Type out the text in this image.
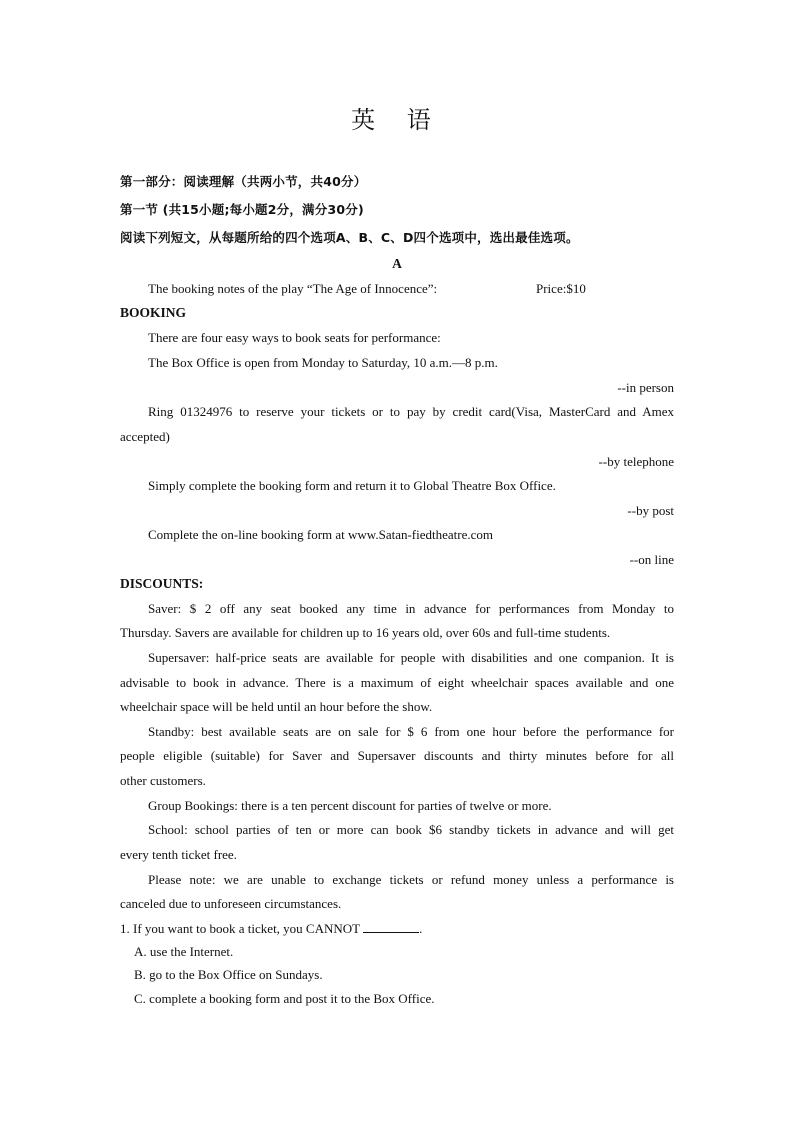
英 语
第一部分：阅读理解（共两小节，共40分）
第一节 (共15小题;每小题2分，满分30分)
阅读下列短文，从每题所给的四个选项A、B、C、D四个选项中，选出最佳选项。
A
The booking notes of the play “The Age of Innocence”:	Price:$10
BOOKING
There are four easy ways to book seats for performance:
The Box Office is open from Monday to Saturday, 10 a.m.—8 p.m.
--in person
Ring 01324976 to reserve your tickets or to pay by credit card(Visa, MasterCard and Amex
accepted)
--by telephone
Simply complete the booking form and return it to Global Theatre Box Office.
--by post
Complete the on-line booking form at www.Satan-fiedtheatre.com
--on line
DISCOUNTS:
Saver: $ 2 off any seat booked any time in advance for performances from Monday to
Thursday. Savers are available for children up to 16 years old, over 60s and full-time students.
Supersaver: half-price seats are available for people with disabilities and one companion. It is
advisable to book in advance. There is a maximum of eight wheelchair spaces available and one
wheelchair space will be held until an hour before the show.
Standby: best available seats are on sale for $ 6 from one hour before the performance for
people eligible (suitable) for Saver and Supersaver discounts and thirty minutes before for all
other customers.
Group Bookings: there is a ten percent discount for parties of twelve or more.
School: school parties of ten or more can book $6 standby tickets in advance and will get
every tenth ticket free.
Please note: we are unable to exchange tickets or refund money unless a performance is
canceled due to unforeseen circumstances.
1. If you want to book a ticket, you CANNOT	.
A. use the Internet.
B. go to the Box Office on Sundays.
C. complete a booking form and post it to the Box Office.
